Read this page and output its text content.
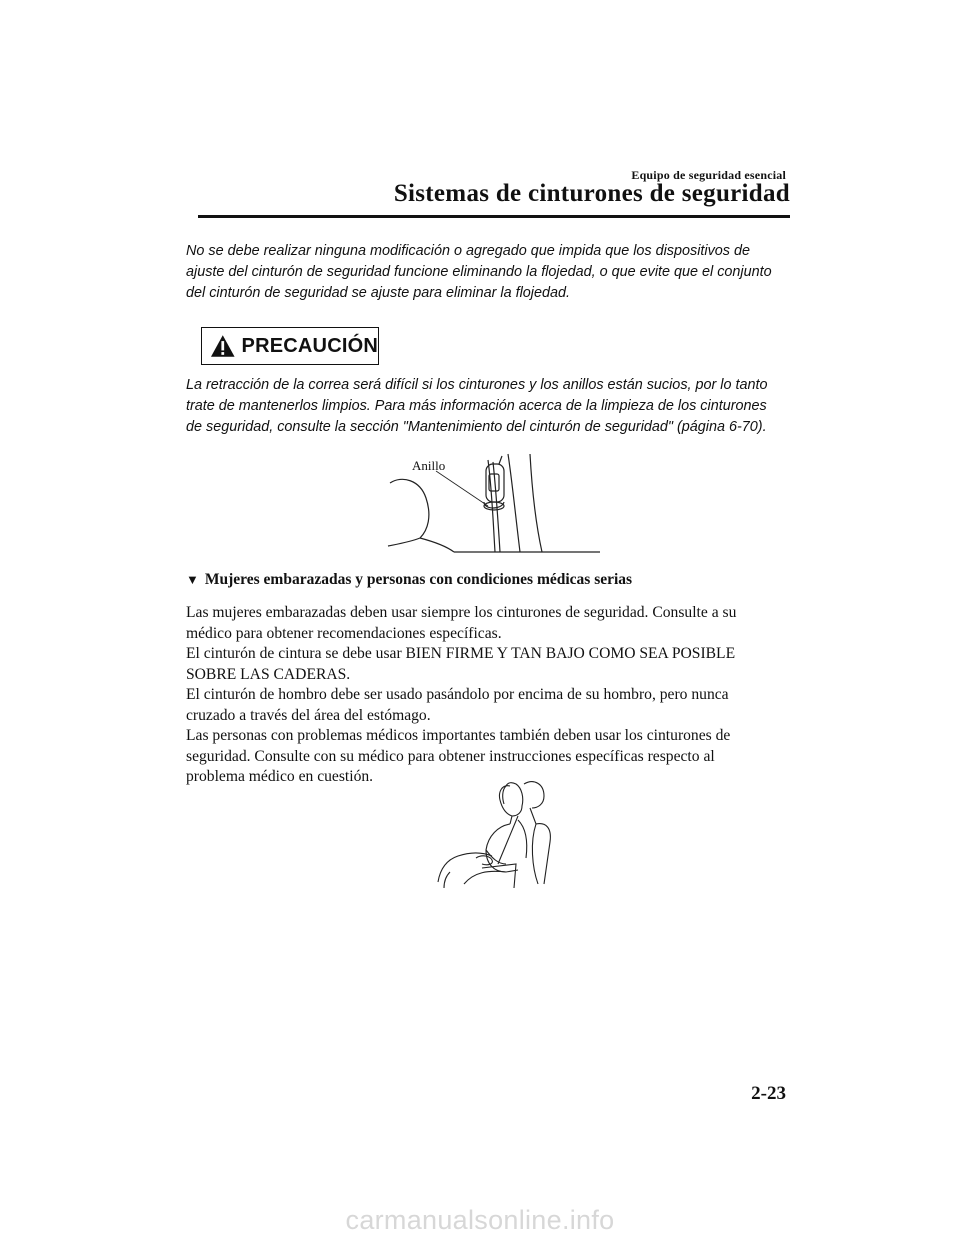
Equipo de seguridad esencial
Sistemas de cinturones de seguridad
No se debe realizar ninguna modificación o agregado que impida que los dispositivos de
ajuste del cinturón de seguridad funcione eliminando la flojedad, o que evite que el conjunto
del cinturón de seguridad se ajuste para eliminar la flojedad.
PRECAUCIÓN
La retracción de la correa será difícil si los cinturones y los anillos están sucios, por lo tanto
trate de mantenerlos limpios. Para más información acerca de la limpieza de los cinturones
de seguridad, consulte la sección "Mantenimiento del cinturón de seguridad" (página 6-70).
Anillo
▼ Mujeres embarazadas y personas con condiciones médicas serias
Las mujeres embarazadas deben usar siempre los cinturones de seguridad. Consulte a su
médico para obtener recomendaciones específicas.
El cinturón de cintura se debe usar BIEN FIRME Y TAN BAJO COMO SEA POSIBLE
SOBRE LAS CADERAS.
El cinturón de hombro debe ser usado pasándolo por encima de su hombro, pero nunca
cruzado a través del área del estómago.
Las personas con problemas médicos importantes también deben usar los cinturones de
seguridad. Consulte con su médico para obtener instrucciones específicas respecto al
problema médico en cuestión.
2-23
carmanualsonline.info
